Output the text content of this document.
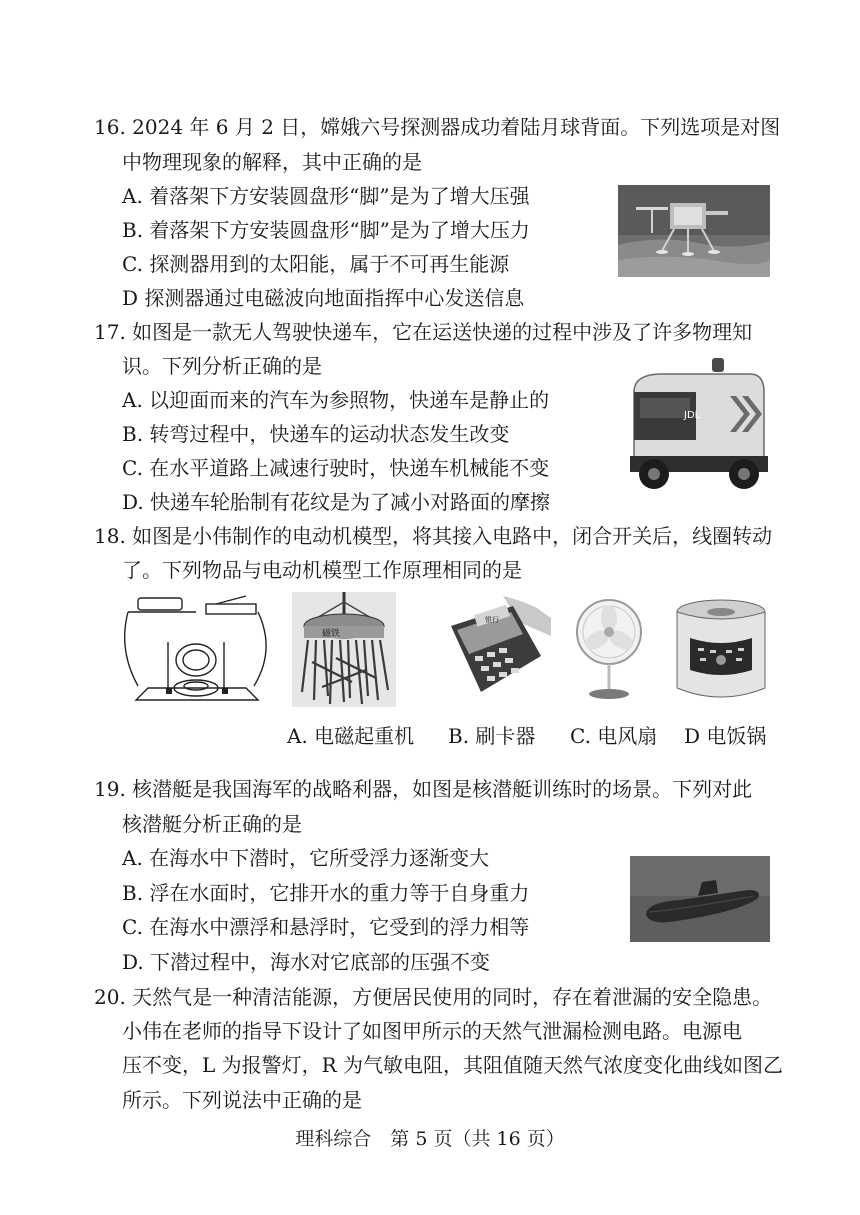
16. 2024 年 6 月 2 日，嫦娥六号探测器成功着陆月球背面。下列选项是对图
中物理现象的解释，其中正确的是
A. 着落架下方安装圆盘形“脚”是为了增大压强
B. 着落架下方安装圆盘形“脚”是为了增大压力
C. 探测器用到的太阳能，属于不可再生能源
D 探测器通过电磁波向地面指挥中心发送信息
17. 如图是一款无人驾驶快递车，它在运送快递的过程中涉及了许多物理知
识。下列分析正确的是
A. 以迎面而来的汽车为参照物，快递车是静止的
B. 转弯过程中，快递车的运动状态发生改变
C. 在水平道路上减速行驶时，快递车机械能不变
D. 快递车轮胎制有花纹是为了减小对路面的摩擦
JDL
18. 如图是小伟制作的电动机模型，将其接入电路中，闭合开关后，线圈转动
了。下列物品与电动机模型工作原理相同的是
磁铁
银行
A. 电磁起重机 B. 刷卡器 C. 电风扇 D 电饭锅
19. 核潜艇是我国海军的战略利器，如图是核潜艇训练时的场景。下列对此
核潜艇分析正确的是
A. 在海水中下潜时，它所受浮力逐渐变大
B. 浮在水面时，它排开水的重力等于自身重力
C. 在海水中漂浮和悬浮时，它受到的浮力相等
D. 下潜过程中，海水对它底部的压强不变
20. 天然气是一种清洁能源，方便居民使用的同时，存在着泄漏的安全隐患。
小伟在老师的指导下设计了如图甲所示的天然气泄漏检测电路。电源电
压不变，L 为报警灯，R 为气敏电阻，其阻值随天然气浓度变化曲线如图乙
所示。下列说法中正确的是
理科综合　第 5 页（共 16 页）
